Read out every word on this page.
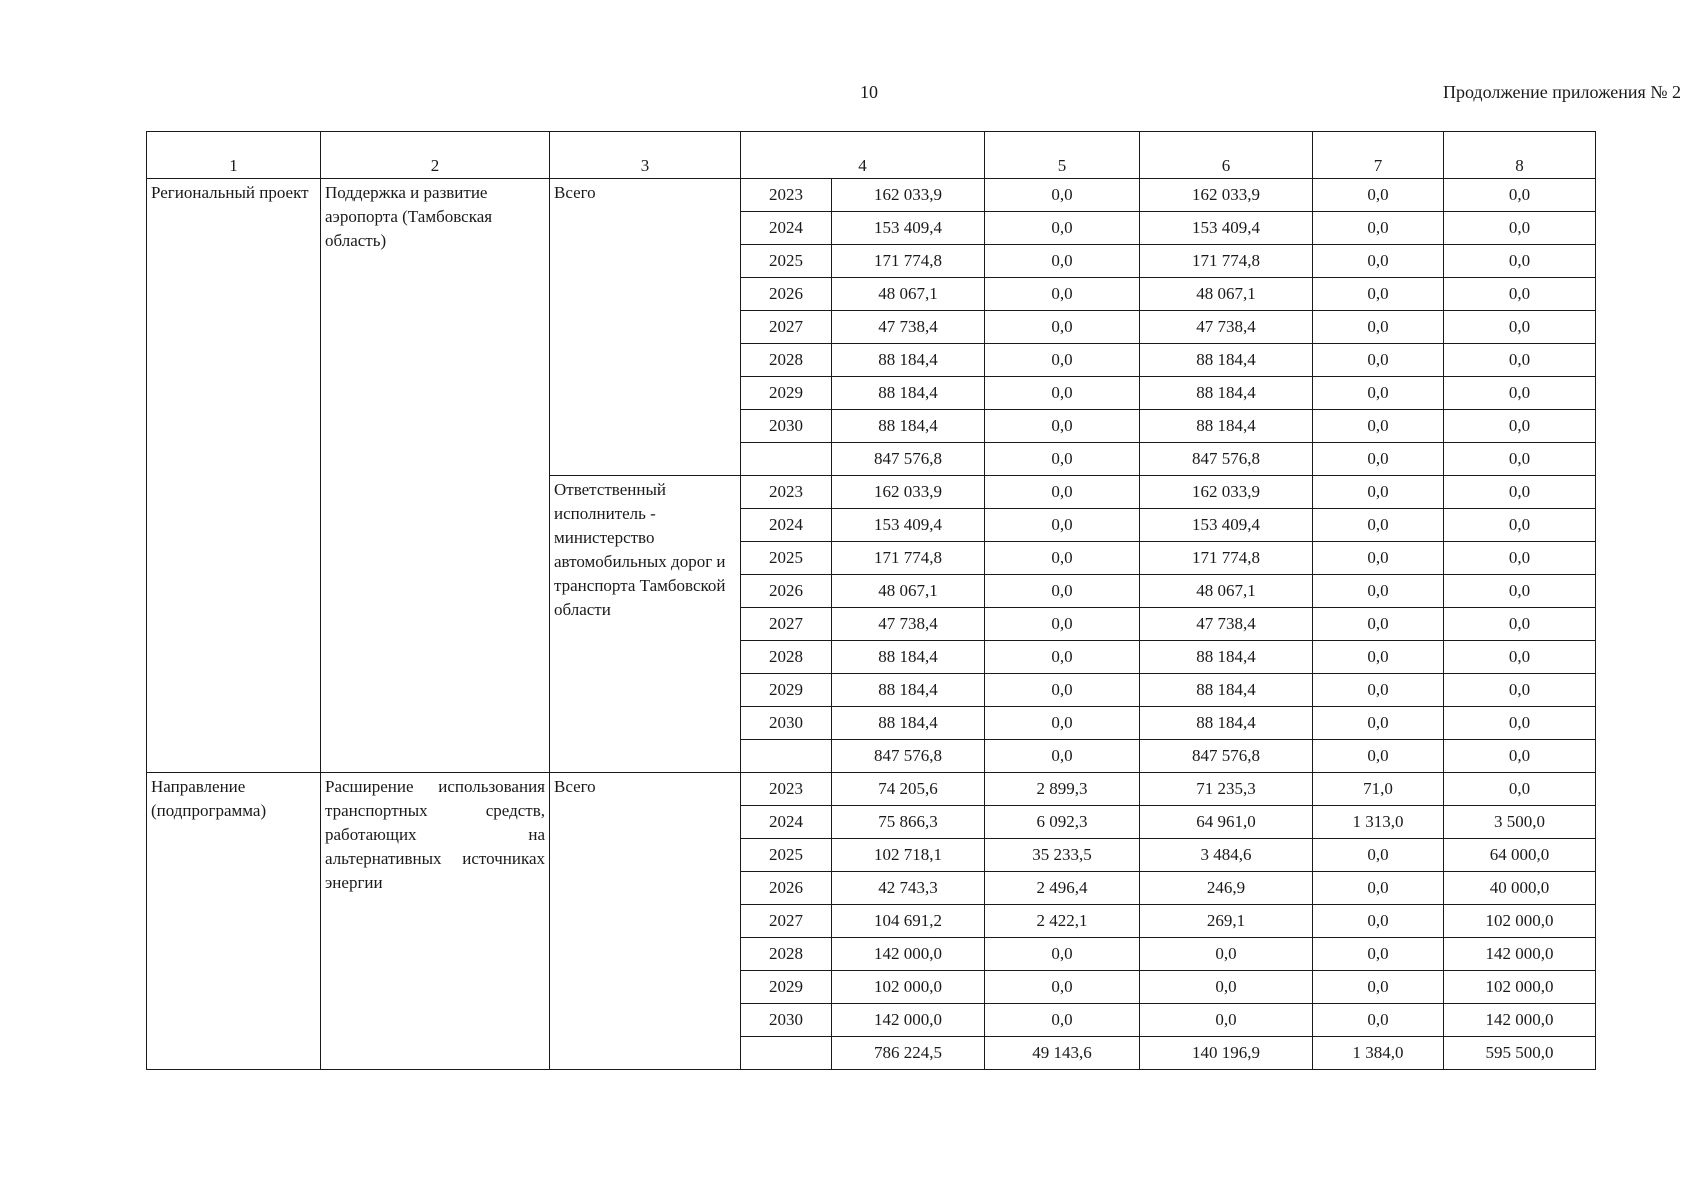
10	Продолжение приложения № 2
1	2	3	4		5	6	7	8
Региональный проект	Поддержка и развитие аэропорта (Тамбовская область)	Всего	2023	162 033,9	0,0	162 033,9	0,0	0,0
			2024	153 409,4	0,0	153 409,4	0,0	0,0
			2025	171 774,8	0,0	171 774,8	0,0	0,0
			2026	48 067,1	0,0	48 067,1	0,0	0,0
			2027	47 738,4	0,0	47 738,4	0,0	0,0
			2028	88 184,4	0,0	88 184,4	0,0	0,0
			2029	88 184,4	0,0	88 184,4	0,0	0,0
			2030	88 184,4	0,0	88 184,4	0,0	0,0
				847 576,8	0,0	847 576,8	0,0	0,0
		Ответственный исполнитель - министерство автомобильных дорог и транспорта Тамбовской области	2023	162 033,9	0,0	162 033,9	0,0	0,0
			2024	153 409,4	0,0	153 409,4	0,0	0,0
			2025	171 774,8	0,0	171 774,8	0,0	0,0
			2026	48 067,1	0,0	48 067,1	0,0	0,0
			2027	47 738,4	0,0	47 738,4	0,0	0,0
			2028	88 184,4	0,0	88 184,4	0,0	0,0
			2029	88 184,4	0,0	88 184,4	0,0	0,0
			2030	88 184,4	0,0	88 184,4	0,0	0,0
				847 576,8	0,0	847 576,8	0,0	0,0
Направление (подпрограмма)	Расширение использования транспортных средств, работающих на альтернативных источниках энергии	Всего	2023	74 205,6	2 899,3	71 235,3	71,0	0,0
			2024	75 866,3	6 092,3	64 961,0	1 313,0	3 500,0
			2025	102 718,1	35 233,5	3 484,6	0,0	64 000,0
			2026	42 743,3	2 496,4	246,9	0,0	40 000,0
			2027	104 691,2	2 422,1	269,1	0,0	102 000,0
			2028	142 000,0	0,0	0,0	0,0	142 000,0
			2029	102 000,0	0,0	0,0	0,0	102 000,0
			2030	142 000,0	0,0	0,0	0,0	142 000,0
				786 224,5	49 143,6	140 196,9	1 384,0	595 500,0
